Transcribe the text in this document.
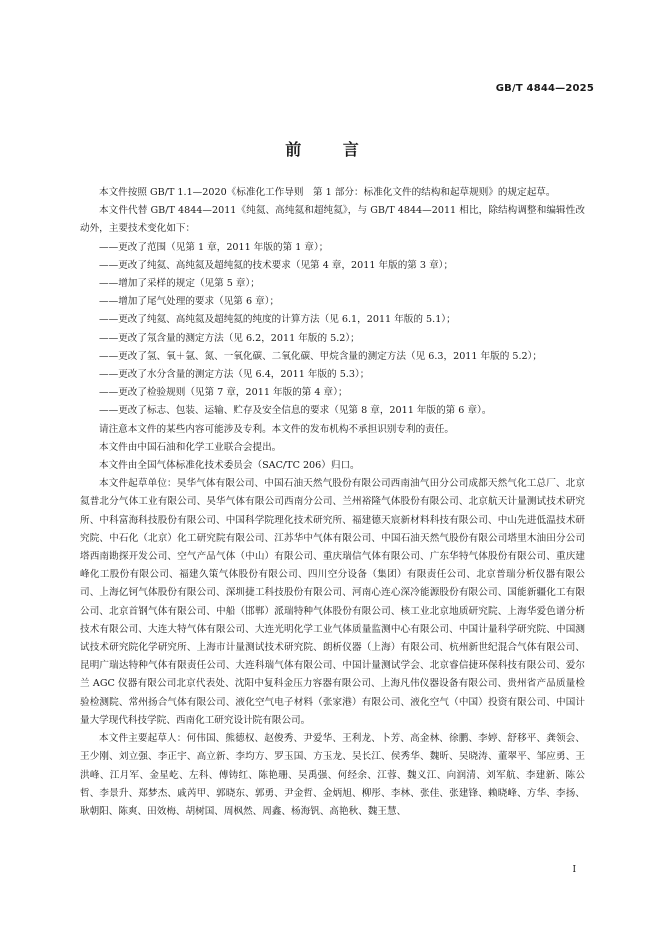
GB/T 4844—2025
前 言

本文件按照 GB/T 1.1—2020《标准化工作导则　第 1 部分：标准化文件的结构和起草规则》的规定起草。

本文件代替 GB/T 4844—2011《纯氦、高纯氦和超纯氦》，与 GB/T 4844—2011 相比，除结构调整和编辑性改动外，主要技术变化如下：

——更改了范围（见第 1 章，2011 年版的第 1 章）；
——更改了纯氦、高纯氦及超纯氦的技术要求（见第 4 章，2011 年版的第 3 章）；
——增加了采样的规定（见第 5 章）；
——增加了尾气处理的要求（见第 6 章）；
——更改了纯氦、高纯氦及超纯氦的纯度的计算方法（见 6.1，2011 年版的 5.1）；
——更改了氖含量的测定方法（见 6.2，2011 年版的 5.2）；
——更改了氢、氧＋氩、氮、一氧化碳、二氧化碳、甲烷含量的测定方法（见 6.3，2011 年版的 5.2）；
——更改了水分含量的测定方法（见 6.4，2011 年版的 5.3）；
——更改了检验规则（见第 7 章，2011 年版的第 4 章）；
——更改了标志、包装、运输、贮存及安全信息的要求（见第 8 章，2011 年版的第 6 章）。

请注意本文件的某些内容可能涉及专利。本文件的发布机构不承担识别专利的责任。

本文件由中国石油和化学工业联合会提出。

本文件由全国气体标准化技术委员会（SAC/TC 206）归口。

本文件起草单位：昊华气体有限公司、中国石油天然气股份有限公司西南油气田分公司成都天然气化工总厂、北京氦普北分气体工业有限公司、昊华气体有限公司西南分公司、兰州裕隆气体股份有限公司、北京航天计量测试技术研究所、中科富海科技股份有限公司、中国科学院理化技术研究所、福建德天宸新材料科技有限公司、中山先进低温技术研究院、中石化（北京）化工研究院有限公司、江苏华中气体有限公司、中国石油天然气股份有限公司塔里木油田分公司塔西南勘探开发公司、空气产品气体（中山）有限公司、重庆瑞信气体有限公司、广东华特气体股份有限公司、重庆建峰化工股份有限公司、福建久策气体股份有限公司、四川空分设备（集团）有限责任公司、北京普瑞分析仪器有限公司、上海亿钶气体股份有限公司、深圳捷工科技股份有限公司、河南心连心深冷能源股份有限公司、国能新疆化工有限公司、北京首钢气体有限公司、中船（邯郸）派瑞特种气体股份有限公司、核工业北京地质研究院、上海华爱色谱分析技术有限公司、大连大特气体有限公司、大连光明化学工业气体质量监测中心有限公司、中国计量科学研究院、中国测试技术研究院化学研究所、上海市计量测试技术研究院、朗析仪器（上海）有限公司、杭州新世纪混合气体有限公司、昆明广瑞达特种气体有限责任公司、大连科瑞气体有限公司、中国计量测试学会、北京睿信捷环保科技有限公司、爱尔兰 AGC 仪器有限公司北京代表处、沈阳中复科金压力容器有限公司、上海凡伟仪器设备有限公司、贵州省产品质量检验检测院、常州扬合气体有限公司、液化空气电子材料（张家港）有限公司、液化空气（中国）投资有限公司、中国计量大学现代科技学院、西南化工研究设计院有限公司。

本文件主要起草人：何伟国、熊德权、赵俊秀、尹爱华、王利龙、卜芳、高金林、徐鹏、李婷、舒移平、龚领会、王少刚、刘立强、李正宇、高立新、李均方、罗玉国、方玉龙、吴长江、侯秀华、魏昕、吴晓涛、董翠平、邹应勇、王洪峰、江月军、金星屹、左科、傅铸红、陈艳珊、吴禹强、何经余、江蓉、魏义江、向润清、刘军航、李建新、陈公哲、李景升、郑梦杰、戚芮甲、郭晓东、郭勇、尹金哲、金炳旭、柳彤、李林、张佳、张建锋、赖晓峰、方华、李扬、耿朝阳、陈爽、田效梅、胡树国、周枫然、周鑫、杨海钒、高艳秋、魏王慧、

I
